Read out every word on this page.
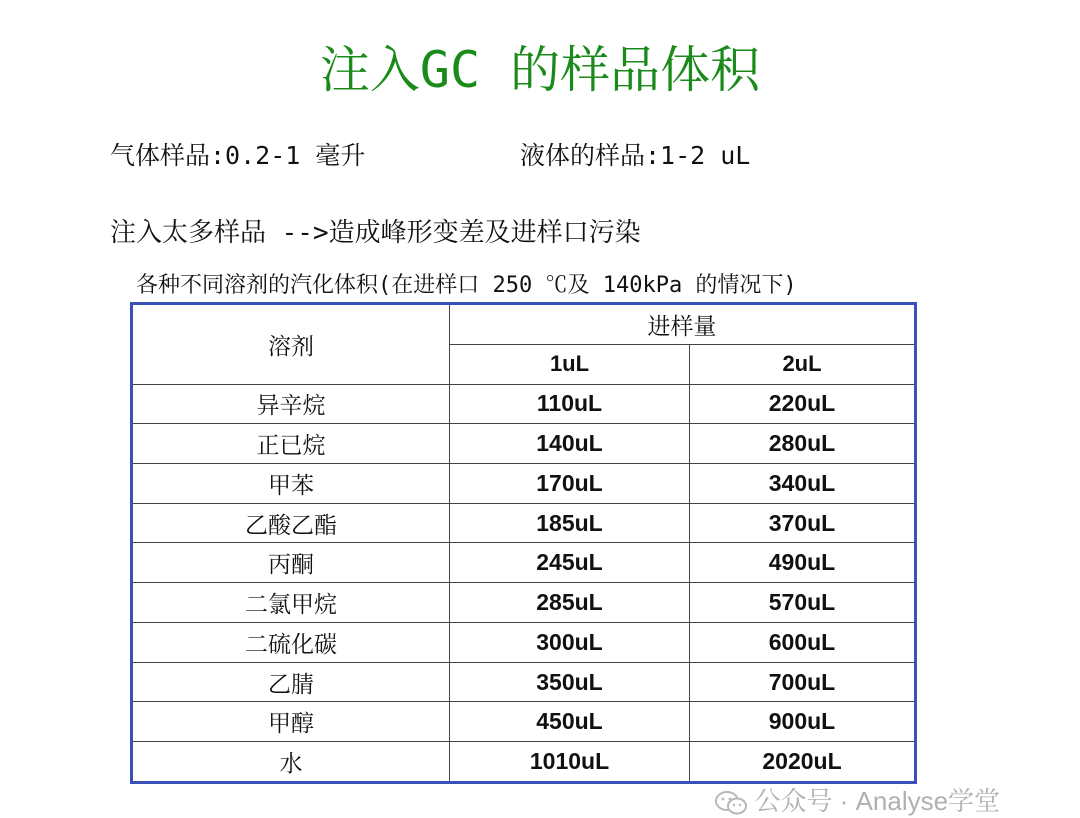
注入GC 的样品体积
气体样品:0.2-1 毫升	液体的样品:1-2 uL
注入太多样品 -->造成峰形变差及进样口污染
各种不同溶剂的汽化体积(在进样口 250 ℃及 140kPa 的情况下)
溶剂	进样量	
	1uL	2uL
异辛烷	110uL	220uL
正已烷	140uL	280uL
甲苯	170uL	340uL
乙酸乙酯	185uL	370uL
丙酮	245uL	490uL
二氯甲烷	285uL	570uL
二硫化碳	300uL	600uL
乙腈	350uL	700uL
甲醇	450uL	900uL
水	1010uL	2020uL

公众号 · Analyse学堂
